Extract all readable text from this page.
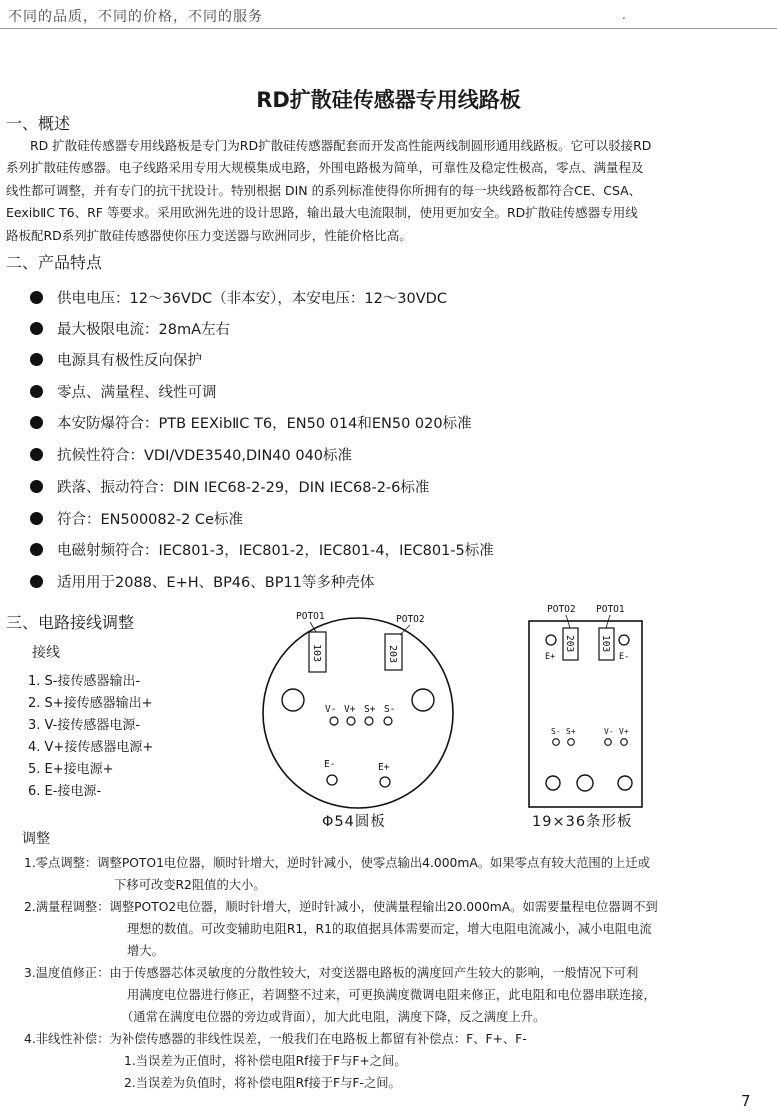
不同的品质，不同的价格，不同的服务	.
RD扩散硅传感器专用线路板
一、概述
RD 扩散硅传感器专用线路板是专门为RD扩散硅传感器配套而开发高性能两线制圆形通用线路板。它可以驳接RD
系列扩散硅传感器。电子线路采用专用大规模集成电路，外围电路极为简单，可靠性及稳定性极高，零点、满量程及
线性都可调整，并有专门的抗干扰设计。特别根据 DIN 的系列标准使得你所拥有的每一块线路板都符合CE、CSA、
EexibⅡC T6、RF 等要求。采用欧洲先进的设计思路，输出最大电流限制，使用更加安全。RD扩散硅传感器专用线
路板配RD系列扩散硅传感器使你压力变送器与欧洲同步，性能价格比高。
二、产品特点
供电电压：12～36VDC（非本安），本安电压：12～30VDC
最大极限电流：28mA左右
电源具有极性反向保护
零点、满量程、线性可调
本安防爆符合：PTB EEXibⅡC T6，EN50 014和EN50 020标准
抗候性符合：VDI/VDE3540,DIN40 040标准
跌落、振动符合：DIN IEC68-2-29，DIN IEC68-2-6标准
符合：EN500082-2 Ce标准
电磁射频符合：IEC801-3，IEC801-2，IEC801-4，IEC801-5标准
适用用于2088、E+H、BP46、BP11等多种壳体
三、电路接线调整
接线
1. S-接传感器输出-
2. S+接传感器输出+
3. V-接传感器电源-
4. V+接传感器电源+
5. E+接电源+
6. E-接电源-
POTO1	POTO2
103	203
V- V+ S+ S-
E-	E+
POTO2 POTO1
203	103
E+	E-
S- S+	V- V+
Φ54圆板	19×36条形板
调整
1.零点调整：调整POTO1电位器，顺时针增大，逆时针减小，使零点输出4.000mA。如果零点有较大范围的上迁或
下移可改变R2阻值的大小。
2.满量程调整：调整POTO2电位器，顺时针增大，逆时针减小，使满量程输出20.000mA。如需要量程电位器调不到
理想的数值。可改变辅助电阻R1，R1的取值据具体需要而定，增大电阻电流减小，减小电阻电流
增大。
3.温度值修正：由于传感器芯体灵敏度的分散性较大，对变送器电路板的满度回产生较大的影响，一般情况下可利
用满度电位器进行修正，若调整不过来，可更换满度微调电阻来修正，此电阻和电位器串联连接，
（通常在满度电位器的旁边或背面），加大此电阻，满度下降，反之满度上升。
4.非线性补偿：为补偿传感器的非线性误差，一般我们在电路板上都留有补偿点：F、F+、F-
1.当误差为正值时，将补偿电阻Rf接于F与F+之间。
2.当误差为负值时，将补偿电阻Rf接于F与F-之间。
7
